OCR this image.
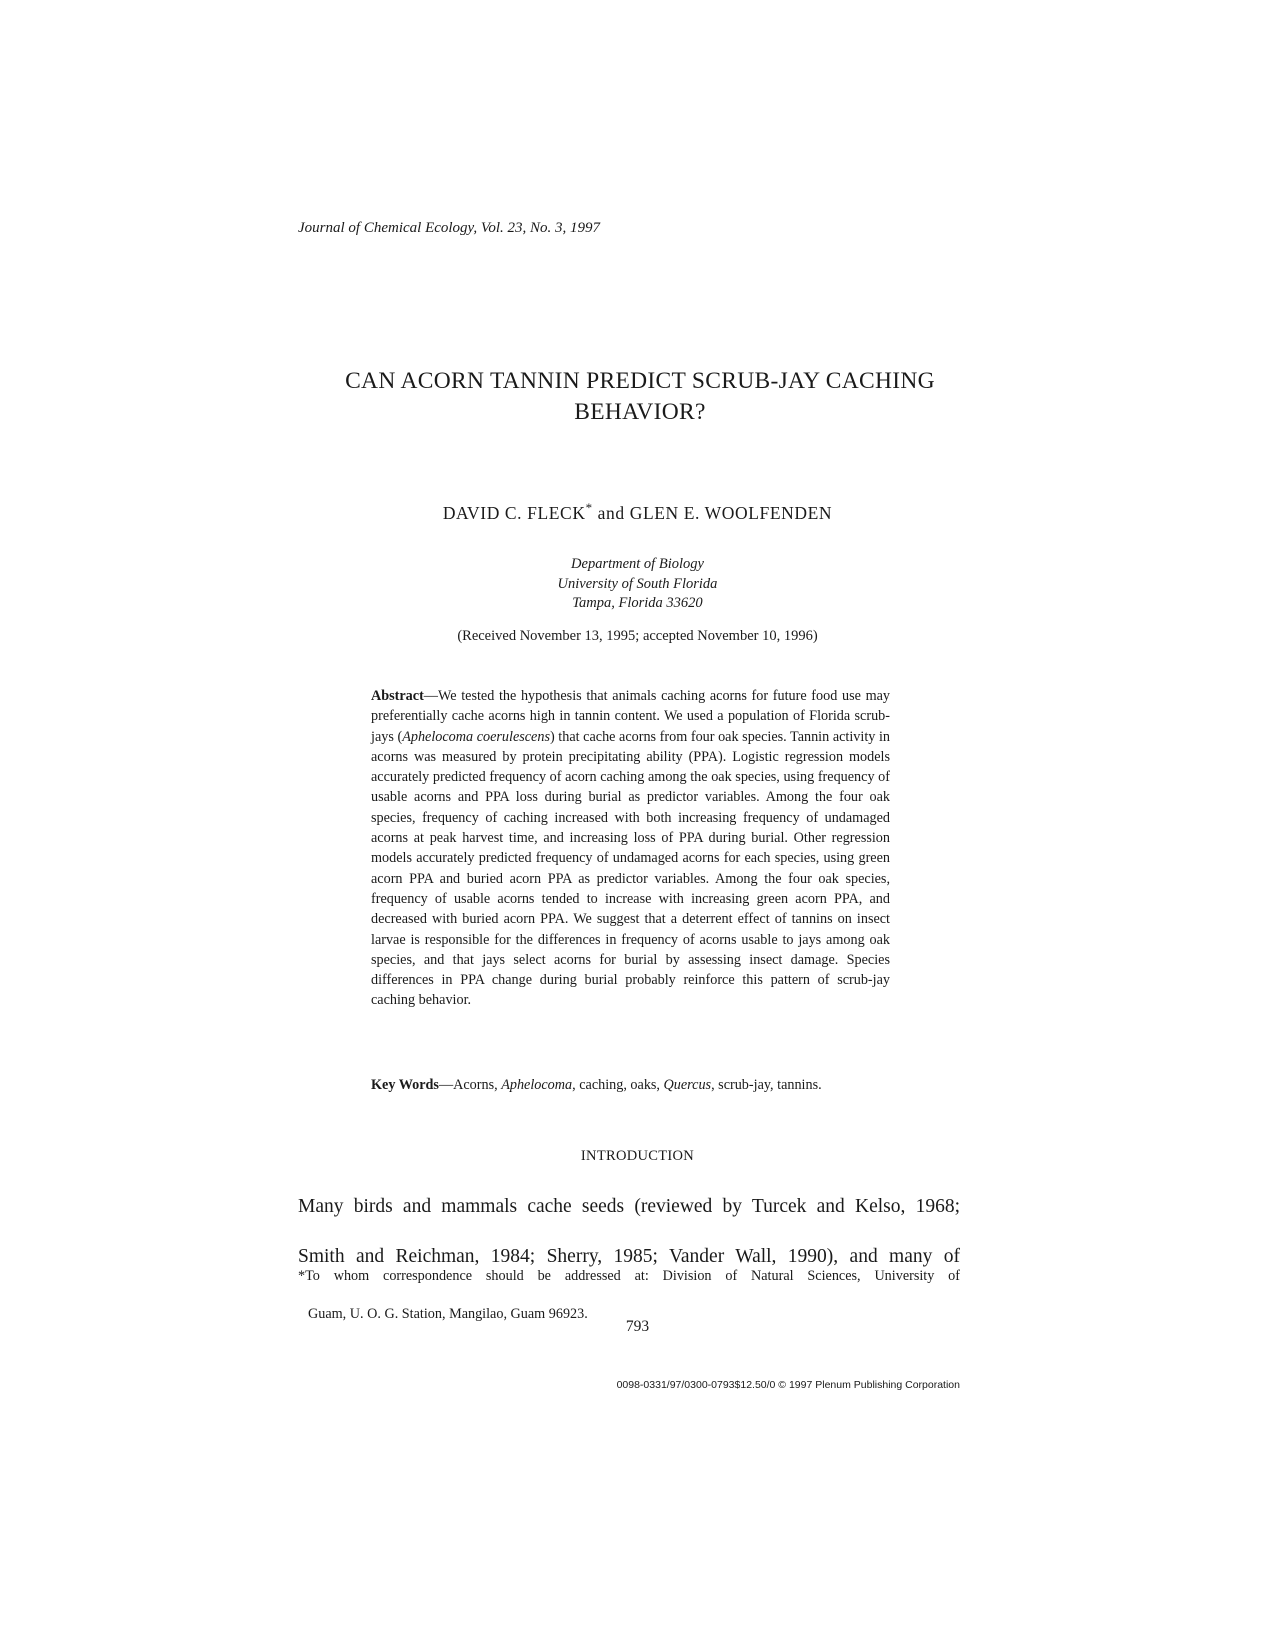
Journal of Chemical Ecology, Vol. 23, No. 3, 1997
CAN ACORN TANNIN PREDICT SCRUB-JAY CACHING
BEHAVIOR?
DAVID C. FLECK* and GLEN E. WOOLFENDEN
Department of Biology
University of South Florida
Tampa, Florida 33620
(Received November 13, 1995; accepted November 10, 1996)
Abstract—We tested the hypothesis that animals caching acorns for future food use may preferentially cache acorns high in tannin content. We used a population of Florida scrub-jays (Aphelocoma coerulescens) that cache acorns from four oak species. Tannin activity in acorns was measured by protein precipitating ability (PPA). Logistic regression models accurately predicted frequency of acorn caching among the oak species, using frequency of usable acorns and PPA loss during burial as predictor variables. Among the four oak species, frequency of caching increased with both increasing frequency of undamaged acorns at peak harvest time, and increasing loss of PPA during burial. Other regression models accurately predicted frequency of undamaged acorns for each species, using green acorn PPA and buried acorn PPA as predictor variables. Among the four oak species, frequency of usable acorns tended to increase with increasing green acorn PPA, and decreased with buried acorn PPA. We suggest that a deterrent effect of tannins on insect larvae is responsible for the differences in frequency of acorns usable to jays among oak species, and that jays select acorns for burial by assessing insect damage. Species differences in PPA change during burial probably reinforce this pattern of scrub-jay caching behavior.
Key Words—Acorns, Aphelocoma, caching, oaks, Quercus, scrub-jay, tannins.
INTRODUCTION
Many birds and mammals cache seeds (reviewed by Turcek and Kelso, 1968;
Smith and Reichman, 1984; Sherry, 1985; Vander Wall, 1990), and many of
*To whom correspondence should be addressed at: Division of Natural Sciences, University of
Guam, U. O. G. Station, Mangilao, Guam 96923.
793
0098-0331/97/0300-0793$12.50/0 © 1997 Plenum Publishing Corporation
